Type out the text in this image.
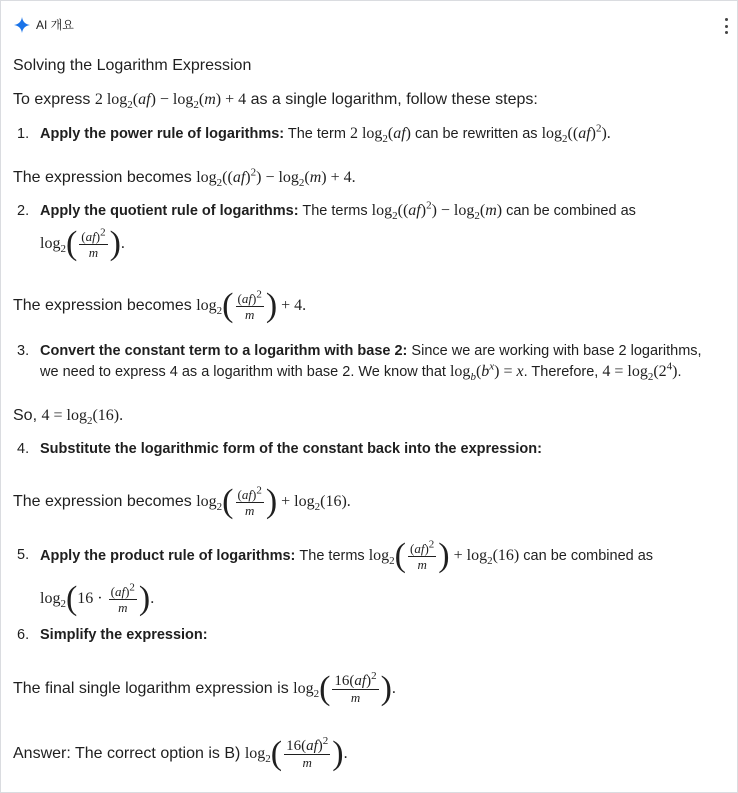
AI 개요
Solving the Logarithm Expression
To express 2 $\log_2(af) - \log_2(m) + 4$ as a single logarithm, follow these steps:
1. Apply the power rule of logarithms: The term 2 $\log_2(af)$ can be rewritten as $\log_2((af)^2)$.
The expression becomes $\log_2((af)^2) - \log_2(m) + 4$.
2. Apply the quotient rule of logarithms: The terms $\log_2((af)^2) - \log_2(m)$ can be combined as
$\log_2$ ( $\frac{(af)^2}{m}$ ) .
The expression becomes
$\log_2$ ( $\frac{(af)^2}{m}$ ) + 4.
3. Convert the constant term to a logarithm with base 2: Since we are working with base 2 logarithms,
we need to express 4 as a logarithm with base 2. We know that $\log_b(b^x) = x$. Therefore, $4 = \log_2(2^4)$.
So, $4 = \log_2(16)$.
4. Substitute the logarithmic form of the constant back into the expression:
The expression becomes
$\log_2$ ( $\frac{(af)^2}{m}$ ) + $\log_2(16)$.
5. Apply the product rule of logarithms:
The terms
$\log_2$ ( $\frac{(af)^2}{m}$ ) + $\log_2(16)$
can be combined as
$\log_2$ ( $16 \cdot \frac{(af)^2}{m}$ ) .
6. Simplify the expression:
The final single logarithm expression is
$\log_2$ ( $\frac{16(af)^2}{m}$ ) .
Answer: The correct option is B)
$\log_2$ ( $\frac{16(af)^2}{m}$ ) .
